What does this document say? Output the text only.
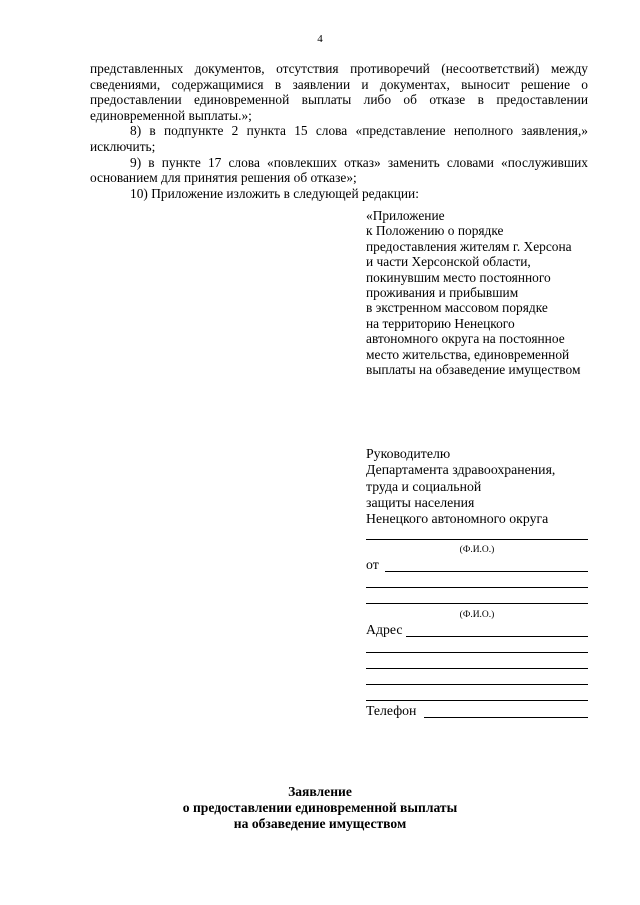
4

представленных документов, отсутствия противоречий (несоответствий) между сведениями, содержащимися в заявлении и документах, выносит решение о предоставлении единовременной выплаты либо об отказе в предоставлении единовременной выплаты.»;

8) в подпункте 2 пункта 15 слова «представление неполного заявления,» исключить;

9) в пункте 17 слова «повлекших отказ» заменить словами «послуживших основанием для принятия решения об отказе»;

10) Приложение изложить в следующей редакции:

«Приложение
к Положению о порядке
предоставления жителям г. Херсона
и части Херсонской области,
покинувшим место постоянного
проживания и прибывшим
в экстренном массовом порядке
на территорию Ненецкого
автономного округа на постоянное
место жительства, единовременной
выплаты на обзаведение имуществом
Руководителю
Департамента здравоохранения,
труда и социальной
защиты населения
Ненецкого автономного округа
(Ф.И.О.)
от
(Ф.И.О.)
Адрес
Телефон
Заявление
о предоставлении единовременной выплаты
на обзаведение имуществом
